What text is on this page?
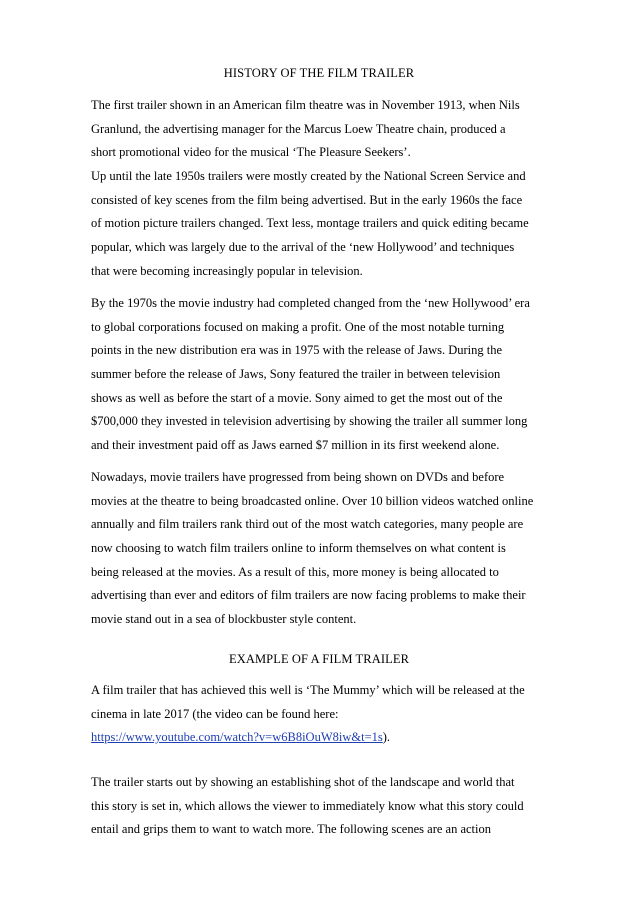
HISTORY OF THE FILM TRAILER
The first trailer shown in an American film theatre was in November 1913, when Nils
Granlund, the advertising manager for the Marcus Loew Theatre chain, produced a
short promotional video for the musical ‘The Pleasure Seekers’.
Up until the late 1950s trailers were mostly created by the National Screen Service and
consisted of key scenes from the film being advertised. But in the early 1960s the face
of motion picture trailers changed. Text less, montage trailers and quick editing became
popular, which was largely due to the arrival of the ‘new Hollywood’ and techniques
that were becoming increasingly popular in television.
By the 1970s the movie industry had completed changed from the ‘new Hollywood’ era
to global corporations focused on making a profit. One of the most notable turning
points in the new distribution era was in 1975 with the release of Jaws. During the
summer before the release of Jaws, Sony featured the trailer in between television
shows as well as before the start of a movie. Sony aimed to get the most out of the
$700,000 they invested in television advertising by showing the trailer all summer long
and their investment paid off as Jaws earned $7 million in its first weekend alone.
Nowadays, movie trailers have progressed from being shown on DVDs and before
movies at the theatre to being broadcasted online. Over 10 billion videos watched online
annually and film trailers rank third out of the most watch categories, many people are
now choosing to watch film trailers online to inform themselves on what content is
being released at the movies. As a result of this, more money is being allocated to
advertising than ever and editors of film trailers are now facing problems to make their
movie stand out in a sea of blockbuster style content.
EXAMPLE OF A FILM TRAILER
A film trailer that has achieved this well is ‘The Mummy’ which will be released at the
cinema in late 2017 (the video can be found here:
https://www.youtube.com/watch?v=w6B8iOuW8iw&t=1s).
The trailer starts out by showing an establishing shot of the landscape and world that
this story is set in, which allows the viewer to immediately know what this story could
entail and grips them to want to watch more. The following scenes are an action
